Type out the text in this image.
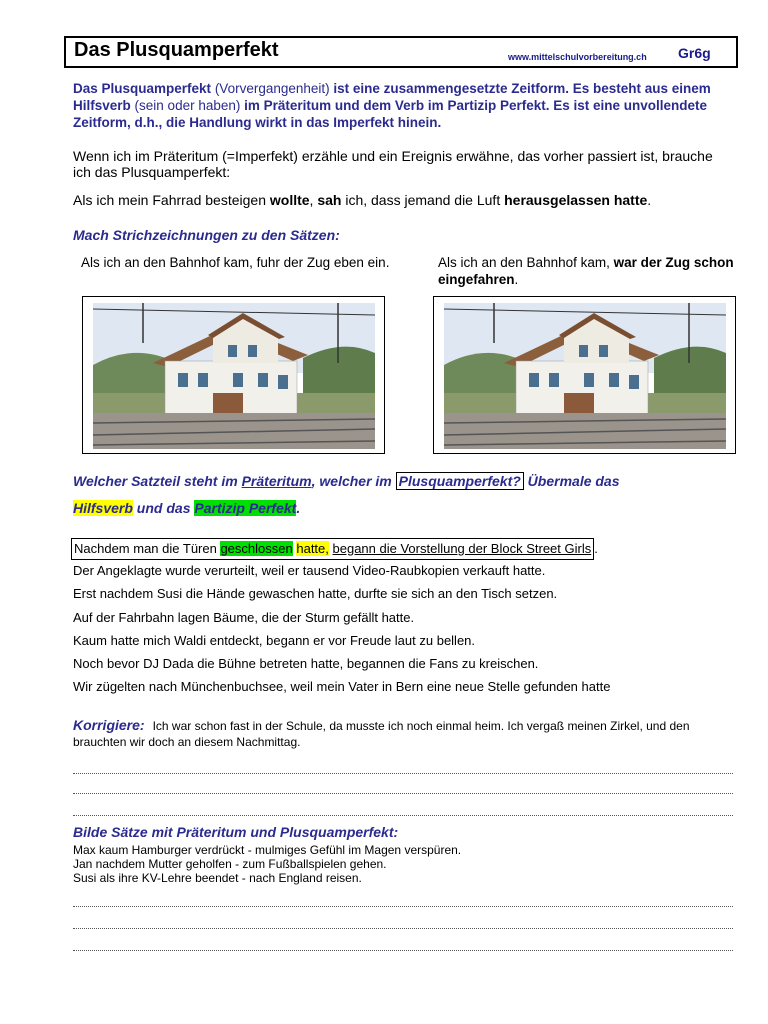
Das Plusquamperfekt	www.mittelschulvorbereitung.ch Gr6g
Das Plusquamperfekt (Vorvergangenheit) ist eine zusammengesetzte Zeitform. Es besteht aus einem Hilfsverb (sein oder haben) im Präteritum und dem Verb im Partizip Perfekt. Es ist eine unvollendete Zeitform, d.h., die Handlung wirkt in das Imperfekt hinein.
Wenn ich im Präteritum (=Imperfekt) erzähle und ein Ereignis erwähne, das vorher passiert ist, brauche ich das Plusquamperfekt:
Als ich mein Fahrrad besteigen wollte, sah ich, dass jemand die Luft herausgelassen hatte.
Mach Strichzeichnungen zu den Sätzen:
Als ich an den Bahnhof kam, fuhr der Zug eben ein.	Als ich an den Bahnhof kam, war der Zug schon eingefahren.
Welcher Satzteil steht im Präteritum, welcher im Plusquamperfekt? Übermale das
Hilfsverb und das Partizip Perfekt.
Nachdem man die Türen geschlossen hatte, begann die Vorstellung der Block Street Girls .
Der Angeklagte wurde verurteilt, weil er tausend Video-Raubkopien verkauft hatte.
Erst nachdem Susi die Hände gewaschen hatte, durfte sie sich an den Tisch setzen.
Auf der Fahrbahn lagen Bäume, die der Sturm gefällt hatte.
Kaum hatte mich Waldi entdeckt, begann er vor Freude laut zu bellen.
Noch bevor DJ Dada die Bühne betreten hatte, begannen die Fans zu kreischen.
Wir zügelten nach Münchenbuchsee, weil mein Vater in Bern eine neue Stelle gefunden hatte
Korrigiere: Ich war schon fast in der Schule, da musste ich noch einmal heim. Ich vergaß meinen Zirkel, und den brauchten wir doch an diesem Nachmittag.
Bilde Sätze mit Präteritum und Plusquamperfekt:
Max kaum Hamburger verdrückt - mulmiges Gefühl im Magen verspüren.
Jan nachdem Mutter geholfen - zum Fußballspielen gehen.
Susi als ihre KV-Lehre beendet - nach England reisen.
